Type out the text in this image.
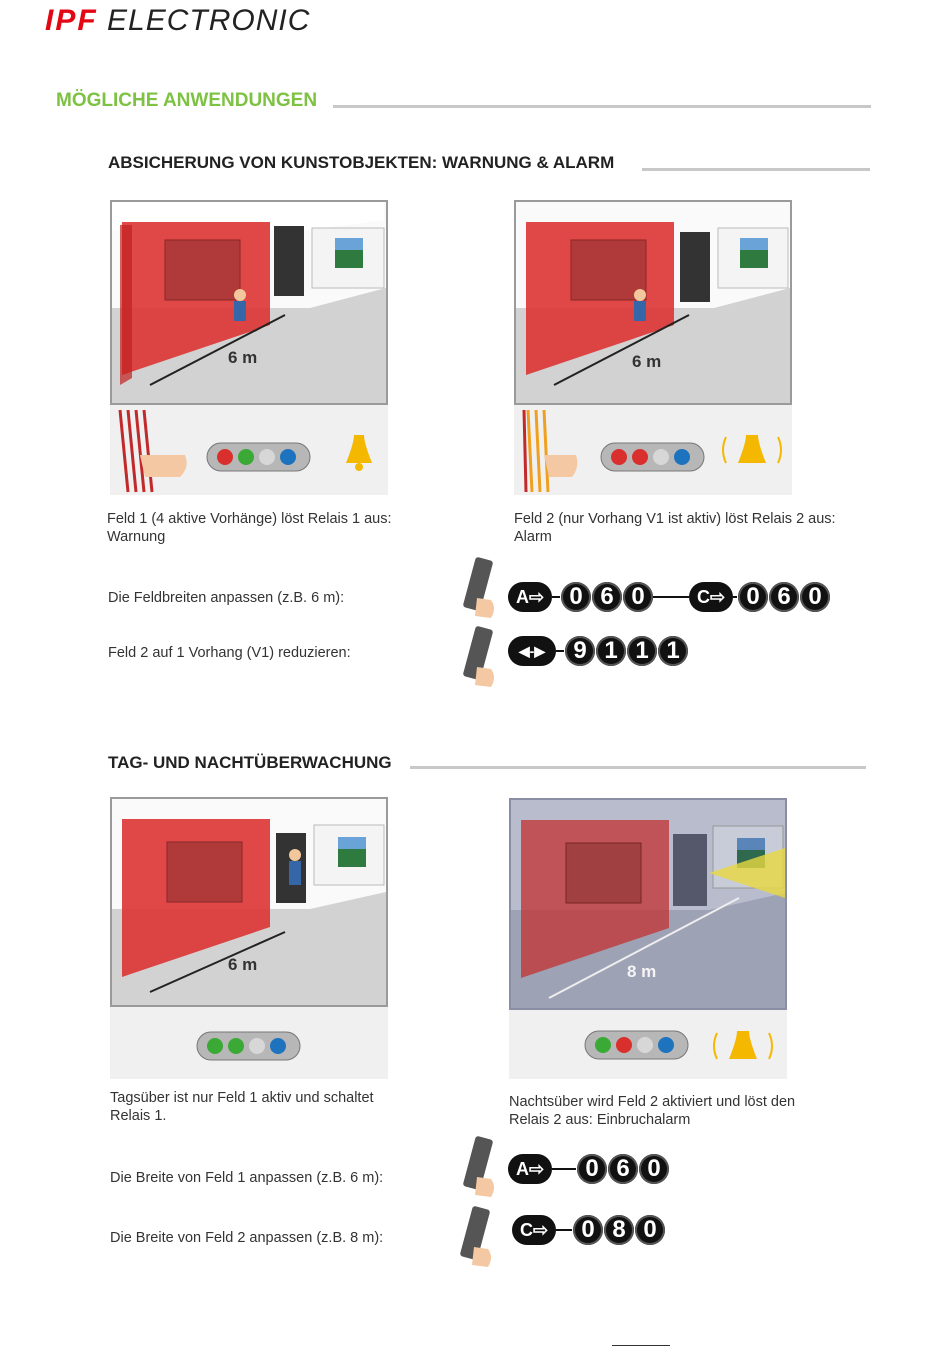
IPF ELECTRONIC
MÖGLICHE ANWENDUNGEN
ABSICHERUNG VON KUNSTOBJEKTEN: WARNUNG & ALARM
6 m	6 m
Feld 1 (4 aktive Vorhänge) löst Relais 1 aus: Warnung
Feld 2 (nur Vorhang V1 ist aktiv) löst Relais 2 aus: Alarm
Die Feldbreiten anpassen (z.B. 6 m):	A⇨ 0 6 0	C⇨ 0 6 0
Feld 2 auf 1 Vorhang (V1) reduzieren:	◀-▶ 9 1 1 1
TAG- UND NACHTÜBERWACHUNG
6 m	8 m
Tagsüber ist nur Feld 1 aktiv und schaltet Relais 1.
Nachtsüber wird Feld 2 aktiviert und löst den Relais 2 aus: Einbruchalarm
Die Breite von Feld 1 anpassen (z.B. 6 m):	A⇨ 0 6 0
Die Breite von Feld 2 anpassen (z.B. 8 m):	C⇨ 0 8 0
